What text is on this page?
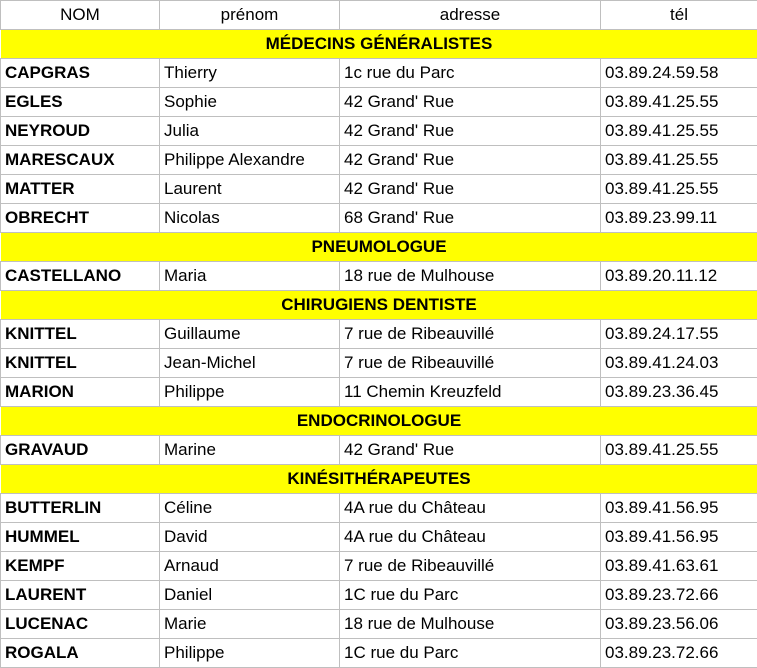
NOM	prénom	adresse	tél
MÉDECINS GÉNÉRALISTES			
CAPGRAS	Thierry	1c rue du Parc	03.89.24.59.58
EGLES	Sophie	42 Grand' Rue	03.89.41.25.55
NEYROUD	Julia	42 Grand' Rue	03.89.41.25.55
MARESCAUX	Philippe Alexandre	42 Grand' Rue	03.89.41.25.55
MATTER	Laurent	42 Grand' Rue	03.89.41.25.55
OBRECHT	Nicolas	68 Grand' Rue	03.89.23.99.11
PNEUMOLOGUE			
CASTELLANO	Maria	18 rue de Mulhouse	03.89.20.11.12
CHIRUGIENS DENTISTE			
KNITTEL	Guillaume	7 rue de Ribeauvillé	03.89.24.17.55
KNITTEL	Jean-Michel	7 rue de Ribeauvillé	03.89.41.24.03
MARION	Philippe	11 Chemin Kreuzfeld	03.89.23.36.45
ENDOCRINOLOGUE			
GRAVAUD	Marine	42 Grand' Rue	03.89.41.25.55
KINÉSITHÉRAPEUTES			
BUTTERLIN	Céline	4A rue du Château	03.89.41.56.95
HUMMEL	David	4A rue du Château	03.89.41.56.95
KEMPF	Arnaud	7 rue de Ribeauvillé	03.89.41.63.61
LAURENT	Daniel	1C rue du Parc	03.89.23.72.66
LUCENAC	Marie	18 rue de Mulhouse	03.89.23.56.06
ROGALA	Philippe	1C rue du Parc	03.89.23.72.66
